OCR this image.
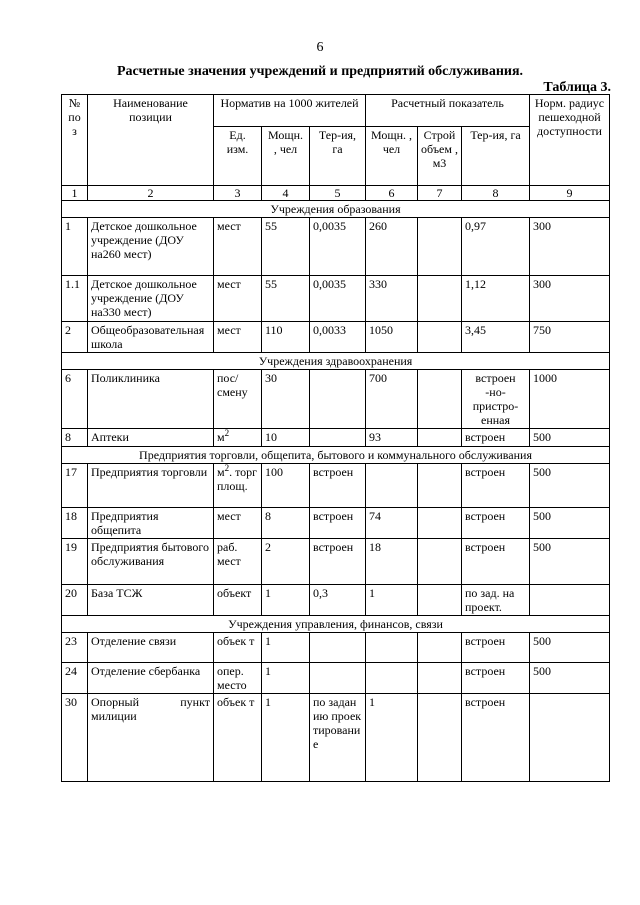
6
Расчетные значения учреждений и предприятий обслуживания.
Таблица 3.
№ по з	Наименование позиции	Норматив на 1000 жителей			Расчетный показатель			Норм. радиус пешеходной доступности
		Ед. изм.	Мощн. , чел	Тер-ия, га	Мощн. , чел	Строй объем , м3	Тер-ия, га	
1	2	3	4	5	6	7	8	9
Учреждения образования								
1	Детское дошкольное учреждение (ДОУ на260 мест)	мест	55	0,0035	260		0,97	300
1.1	Детское дошкольное учреждение (ДОУ на330 мест)	мест	55	0,0035	330		1,12	300
2	Общеобразовательная школа	мест	110	0,0033	1050		3,45	750
Учреждения здравоохранения								
6	Поликлиника	пос/ смену	30		700		встроен -но- пристро- енная	1000
8	Аптеки	$м^2$	10		93		встроен	500
Предприятия торговли, общепита, бытового и коммунального обслуживания								
17	Предприятия торговли	$м^2$. торг площ.	100	встроен			встроен	500
18	Предприятия общепита	мест	8	встроен	74		встроен	500
19	Предприятия бытового обслуживания	раб. мест	2	встроен	18		встроен	500
20	База ТСЖ	объект	1	0,3	1		по зад. на проект.	
Учреждения управления, финансов, связи								
23	Отделение связи	объек т	1				встроен	500
24	Отделение сбербанка	опер. место	1				встроен	500
30	Опорный пункт милиции	объек т	1	по заданию проектирование	1		встроен	
